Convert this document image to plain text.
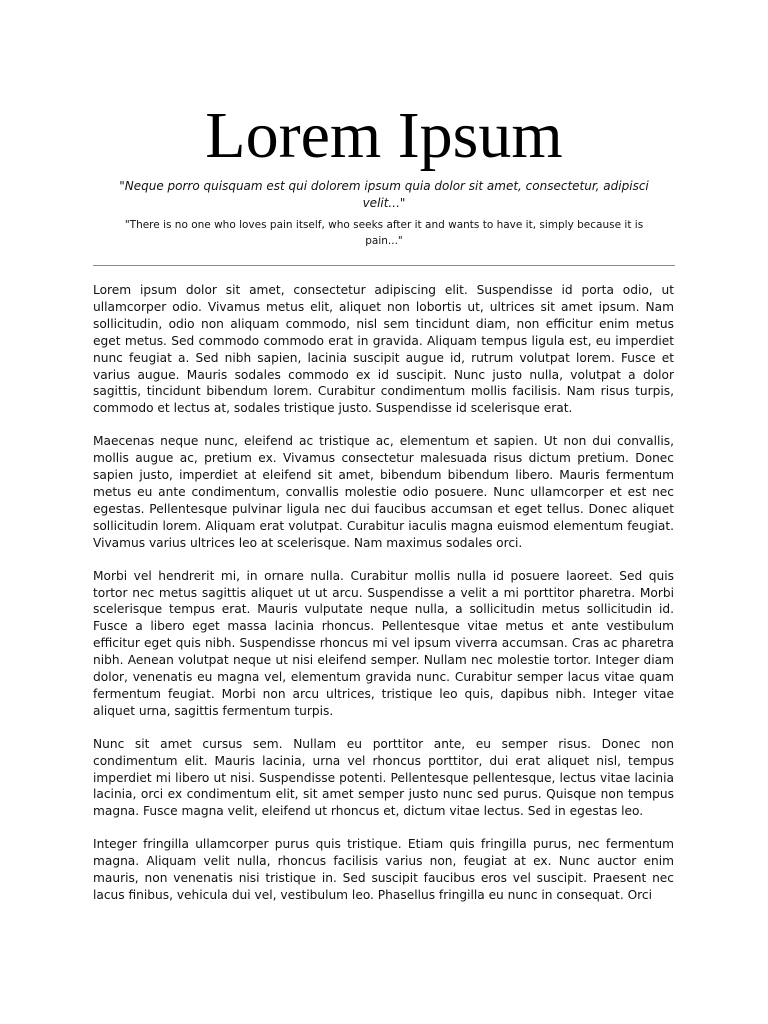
Lorem Ipsum

"Neque porro quisquam est qui dolorem ipsum quia dolor sit amet, consectetur, adipisci velit..."

"There is no one who loves pain itself, who seeks after it and wants to have it, simply because it is pain..."

Lorem ipsum dolor sit amet, consectetur adipiscing elit. Suspendisse id porta odio, ut ullamcorper odio. Vivamus metus elit, aliquet non lobortis ut, ultrices sit amet ipsum. Nam sollicitudin, odio non aliquam commodo, nisl sem tincidunt diam, non efficitur enim metus eget metus. Sed commodo commodo erat in gravida. Aliquam tempus ligula est, eu imperdiet nunc feugiat a. Sed nibh sapien, lacinia suscipit augue id, rutrum volutpat lorem. Fusce et varius augue. Mauris sodales commodo ex id suscipit. Nunc justo nulla, volutpat a dolor sagittis, tincidunt bibendum lorem. Curabitur condimentum mollis facilisis. Nam risus turpis, commodo et lectus at, sodales tristique justo. Suspendisse id scelerisque erat.

Maecenas neque nunc, eleifend ac tristique ac, elementum et sapien. Ut non dui convallis, mollis augue ac, pretium ex. Vivamus consectetur malesuada risus dictum pretium. Donec sapien justo, imperdiet at eleifend sit amet, bibendum bibendum libero. Mauris fermentum metus eu ante condimentum, convallis molestie odio posuere. Nunc ullamcorper et est nec egestas. Pellentesque pulvinar ligula nec dui faucibus accumsan et eget tellus. Donec aliquet sollicitudin lorem. Aliquam erat volutpat. Curabitur iaculis magna euismod elementum feugiat. Vivamus varius ultrices leo at scelerisque. Nam maximus sodales orci.

Morbi vel hendrerit mi, in ornare nulla. Curabitur mollis nulla id posuere laoreet. Sed quis tortor nec metus sagittis aliquet ut ut arcu. Suspendisse a velit a mi porttitor pharetra. Morbi scelerisque tempus erat. Mauris vulputate neque nulla, a sollicitudin metus sollicitudin id. Fusce a libero eget massa lacinia rhoncus. Pellentesque vitae metus et ante vestibulum efficitur eget quis nibh. Suspendisse rhoncus mi vel ipsum viverra accumsan. Cras ac pharetra nibh. Aenean volutpat neque ut nisi eleifend semper. Nullam nec molestie tortor. Integer diam dolor, venenatis eu magna vel, elementum gravida nunc. Curabitur semper lacus vitae quam fermentum feugiat. Morbi non arcu ultrices, tristique leo quis, dapibus nibh. Integer vitae aliquet urna, sagittis fermentum turpis.

Nunc sit amet cursus sem. Nullam eu porttitor ante, eu semper risus. Donec non condimentum elit. Mauris lacinia, urna vel rhoncus porttitor, dui erat aliquet nisl, tempus imperdiet mi libero ut nisi. Suspendisse potenti. Pellentesque pellentesque, lectus vitae lacinia lacinia, orci ex condimentum elit, sit amet semper justo nunc sed purus. Quisque non tempus magna. Fusce magna velit, eleifend ut rhoncus et, dictum vitae lectus. Sed in egestas leo.

Integer fringilla ullamcorper purus quis tristique. Etiam quis fringilla purus, nec fermentum magna. Aliquam velit nulla, rhoncus facilisis varius non, feugiat at ex. Nunc auctor enim mauris, non venenatis nisi tristique in. Sed suscipit faucibus eros vel suscipit. Praesent nec lacus finibus, vehicula dui vel, vestibulum leo. Phasellus fringilla eu nunc in consequat. Orci
